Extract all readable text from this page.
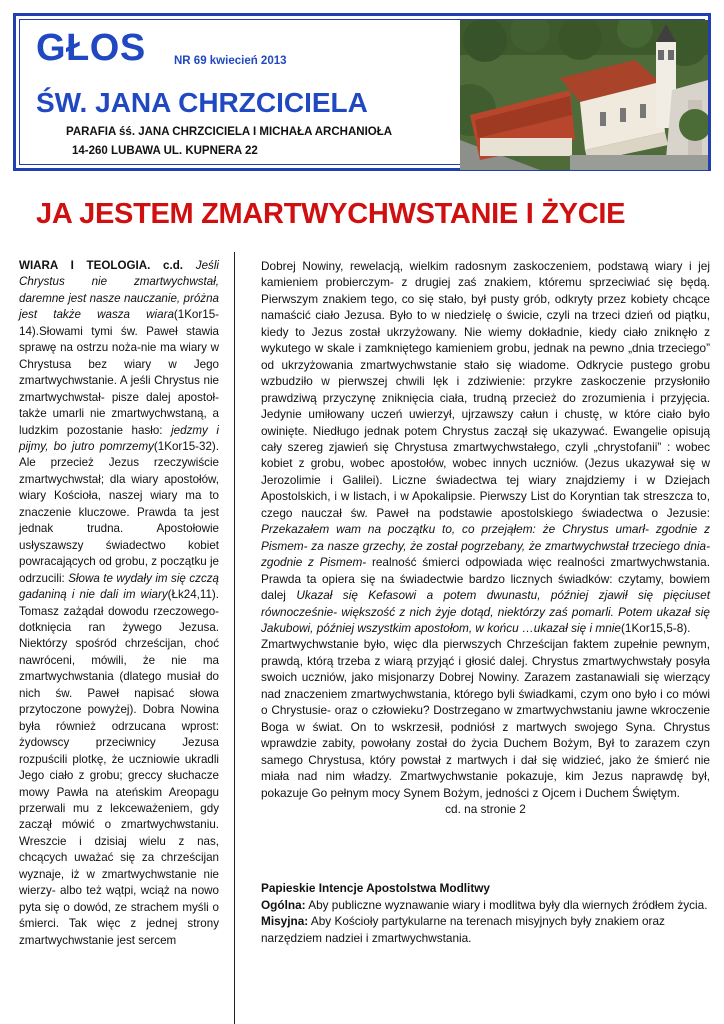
GŁOS NR 69 kwiecień 2013
ŚW. JANA CHRZCICIELA
PARAFIA śś. JANA CHRZCICIELA I MICHAŁA ARCHANIOŁA
14-260 LUBAWA UL. KUPNERA 22
JA JESTEM ZMARTWYCHWSTANIE I ŻYCIE

WIARA I TEOLOGIA. c.d. Jeśli Chrystus nie zmartwychwstał, daremne jest nasze nauczanie, próżna jest także wasza wiara(1Kor15-14).Słowami tymi św. Paweł stawia sprawę na ostrzu noża-nie ma wiary w Chrystusa bez wiary w Jego zmartwychwstanie. A jeśli Chrystus nie zmartwychwstał- pisze dalej apostoł- także umarli nie zmartwychwstaną, a ludzkim pozostanie hasło: jedzmy i pijmy, bo jutro pomrzemy(1Kor15-32). Ale przecież Jezus rzeczywiście zmartwychwstał; dla wiary apostołów, wiary Kościoła, naszej wiary ma to znaczenie kluczowe. Prawda ta jest jednak trudna. Apostołowie usłyszawszy świadectwo kobiet powracających od grobu, z początku je odrzucili: Słowa te wydały im się czczą gadaniną i nie dali im wiary(Łk24,11). Tomasz zażądał dowodu rzeczowego- dotknięcia ran żywego Jezusa. Niektórzy spośród chrześcijan, choć nawróceni, mówili, że nie ma zmartwychwstania (dlatego musiał do nich św. Paweł napisać słowa przytoczone powyżej). Dobra Nowina była również odrzucana wprost: żydowscy przeciwnicy Jezusa rozpuścili plotkę, że uczniowie ukradli Jego ciało z grobu; greccy słuchacze mowy Pawła na ateńskim Areopagu przerwali mu z lekceważeniem, gdy zaczął mówić o zmartwychwstaniu. Wreszcie i dzisiaj wielu z nas, chcących uważać się za chrześcijan wyznaje, iż w zmartwychwstanie nie wierzy- albo też wątpi, wciąż na nowo pyta się o dowód, ze strachem myśli o śmierci. Tak więc z jednej strony zmartwychwstanie jest sercem

Dobrej Nowiny, rewelacją, wielkim radosnym zaskoczeniem, podstawą wiary i jej kamieniem probierczym- z drugiej zaś znakiem, któremu sprzeciwiać się będą. Pierwszym znakiem tego, co się stało, był pusty grób, odkryty przez kobiety chcące namaścić ciało Jezusa. Było to w niedzielę o świcie, czyli na trzeci dzień od piątku, kiedy to Jezus został ukrzyżowany. Nie wiemy dokładnie, kiedy ciało zniknęło z wykutego w skale i zamkniętego kamieniem grobu, jednak na pewno „dnia trzeciego” od ukrzyżowania zmartwychwstanie stało się wiadome. Odkrycie pustego grobu wzbudziło w pierwszej chwili lęk i zdziwienie: przykre zaskoczenie przysłoniło prawdziwą przyczynę zniknięcia ciała, trudną przecież do zrozumienia i przyjęcia. Jedynie umiłowany uczeń uwierzył, ujrzawszy całun i chustę, w które ciało było owinięte. Niedługo jednak potem Chrystus zaczął się ukazywać. Ewangelie opisują cały szereg zjawień się Chrystusa zmartwychwstałego, czyli „chrystofanii” : wobec kobiet z grobu, wobec apostołów, wobec innych uczniów. (Jezus ukazywał się w Jerozolimie i Galilei). Liczne świadectwa tej wiary znajdziemy i w Dziejach Apostolskich, i w listach, i w Apokalipsie. Pierwszy List do Koryntian tak streszcza to, czego nauczał św. Paweł na podstawie apostolskiego świadectwa o Jezusie: Przekazałem wam na początku to, co przejąłem: że Chrystus umarł- zgodnie z Pismem- za nasze grzechy, że został pogrzebany, że zmartwychwstał trzeciego dnia- zgodnie z Pismem- realność śmierci odpowiada więc realności zmartwychwstania. Prawda ta opiera się na świadectwie bardzo licznych świadków: czytamy, bowiem dalej Ukazał się Kefasowi a potem dwunastu, później zjawił się pięciuset równocześnie- większość z nich żyje dotąd, niektórzy zaś pomarli. Potem ukazał się Jakubowi, później wszystkim apostołom, w końcu …ukazał się i mnie(1Kor15,5-8).

Zmartwychwstanie było, więc dla pierwszych Chrześcijan faktem zupełnie pewnym, prawdą, którą trzeba z wiarą przyjąć i głosić dalej. Chrystus zmartwychwstały posyła swoich uczniów, jako misjonarzy Dobrej Nowiny. Zarazem zastanawiali się wierzący nad znaczeniem zmartwychwstania, którego byli świadkami, czym ono było i co mówi o Chrystusie- oraz o człowieku? Dostrzegano w zmartwychwstaniu jawne wkroczenie Boga w świat. On to wskrzesił, podniósł z martwych swojego Syna. Chrystus wprawdzie zabity, powołany został do życia Duchem Bożym, Był to zarazem czyn samego Chrystusa, który powstał z martwych i dał się widzieć, jako że śmierć nie miała nad nim władzy. Zmartwychwstanie pokazuje, kim Jezus naprawdę był, pokazuje Go pełnym mocy Synem Bożym, jedności z Ojcem i Duchem Świętym.

cd. na stronie 2

Papieskie Intencje Apostolstwa Modlitwy

Ogólna: Aby publiczne wyznawanie wiary i modlitwa były dla wiernych źródłem życia.

Misyjna: Aby Kościoły partykularne na terenach misyjnych były znakiem oraz narzędziem nadziei i zmartwychwstania.
